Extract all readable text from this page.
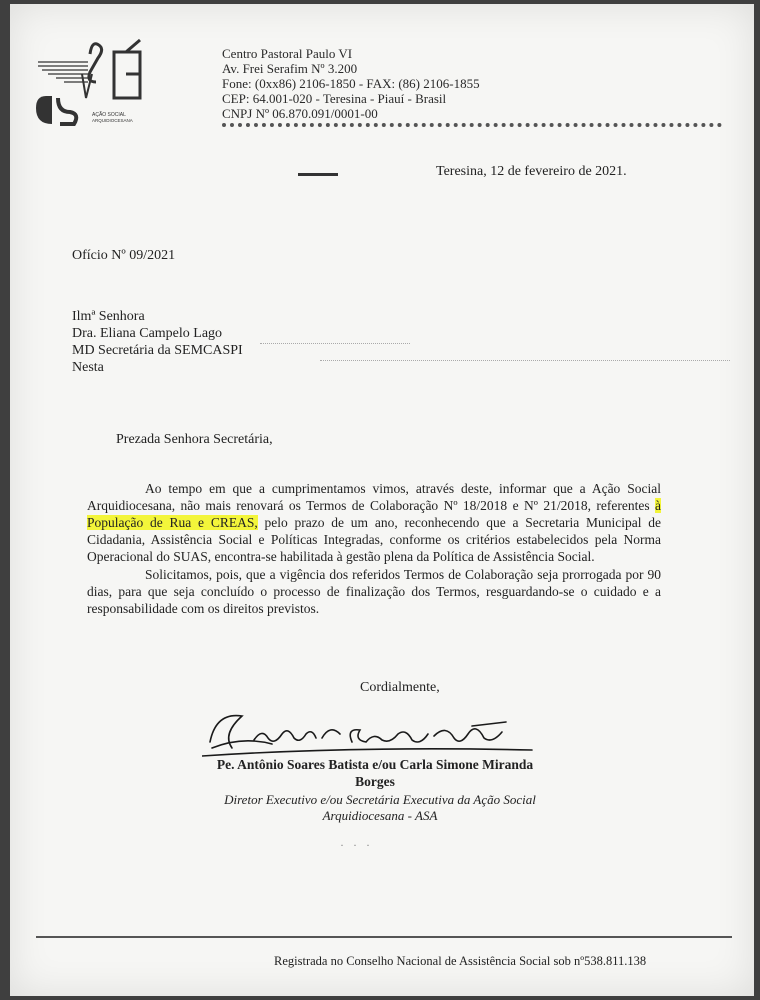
AÇÃO SOCIAL
ARQUIDIOCESANA
Centro Pastoral Paulo VI
Av. Frei Serafim Nº 3.200
Fone: (0xx86) 2106-1850 - FAX: (86) 2106-1855
CEP: 64.001-020 - Teresina - Piauí - Brasil
CNPJ Nº 06.870.091/0001-00
Teresina, 12 de fevereiro de 2021.
Ofício Nº 09/2021
Ilmª Senhora
Dra. Eliana Campelo Lago
MD Secretária da SEMCASPI
Nesta
Prezada Senhora Secretária,

Ao tempo em que a cumprimentamos vimos, através deste, informar que a Ação Social Arquidiocesana, não mais renovará os Termos de Colaboração Nº 18/2018 e Nº 21/2018, referentes à População de Rua e CREAS, pelo prazo de um ano, reconhecendo que a Secretaria Municipal de Cidadania, Assistência Social e Políticas Integradas, conforme os critérios estabelecidos pela Norma Operacional do SUAS, encontra-se habilitada à gestão plena da Política de Assistência Social.

Solicitamos, pois, que a vigência dos referidos Termos de Colaboração seja prorrogada por 90 dias, para que seja concluído o processo de finalização dos Termos, resguardando-se o cuidado e a responsabilidade com os direitos previstos.

Cordialmente,
Pe. Antônio Soares Batista e/ou Carla Simone Miranda Borges
Diretor Executivo e/ou Secretária Executiva da Ação Social Arquidiocesana - ASA
· · ·
Registrada no Conselho Nacional de Assistência Social sob nº538.811.138
